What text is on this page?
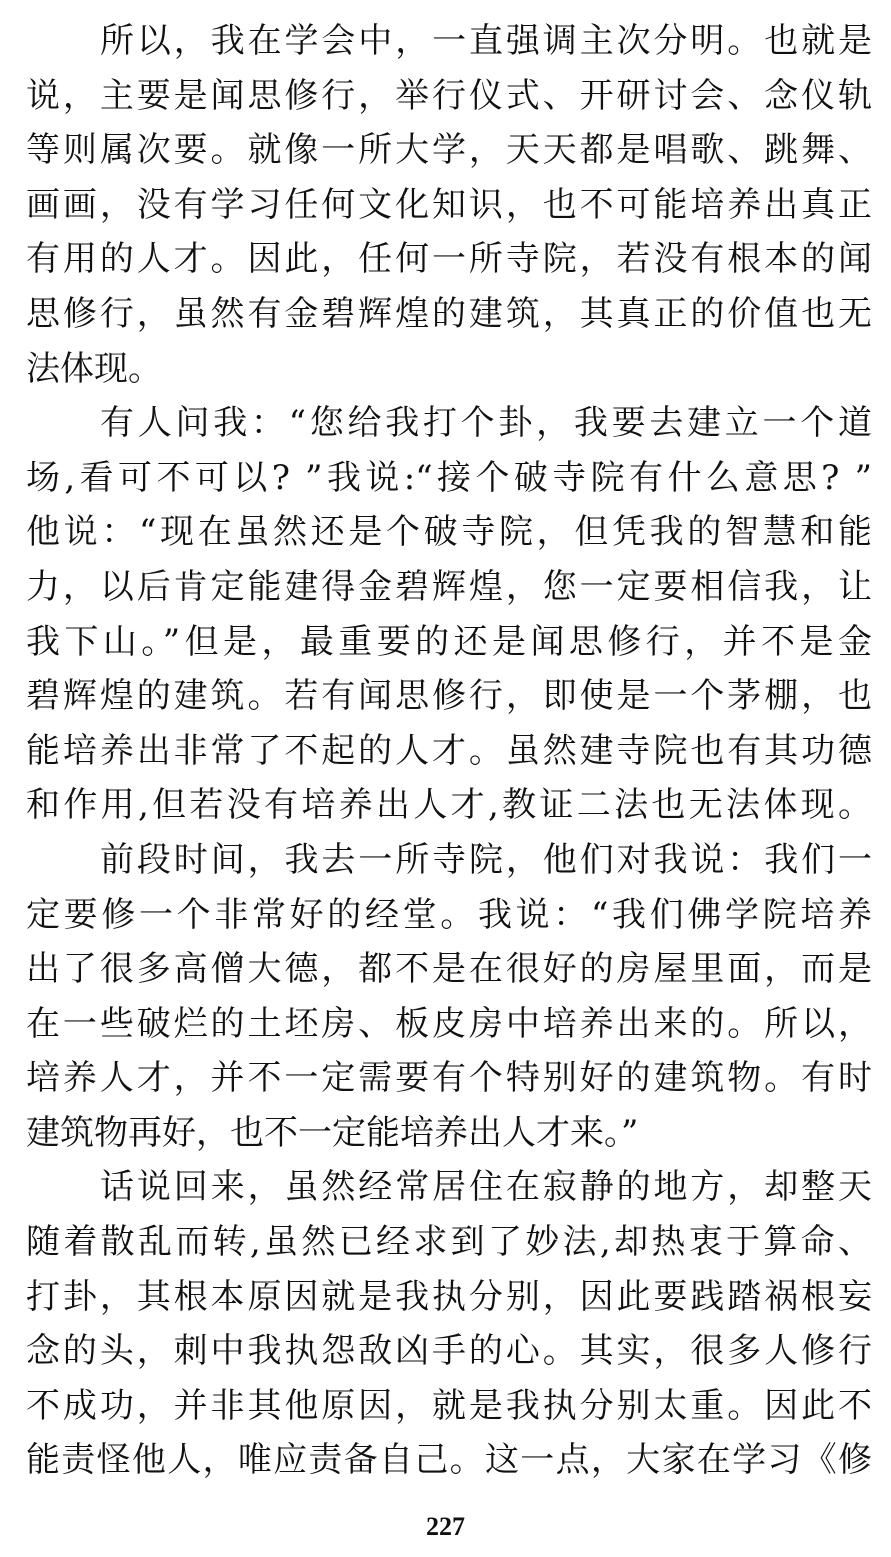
所以，我在学会中，一直强调主次分明。也就是
说，主要是闻思修行，举行仪式、开研讨会、念仪轨
等则属次要。就像一所大学，天天都是唱歌、跳舞、
画画，没有学习任何文化知识，也不可能培养出真正
有用的人才。因此，任何一所寺院，若没有根本的闻
思修行，虽然有金碧辉煌的建筑，其真正的价值也无
法体现。
有人问我：“您给我打个卦，我要去建立一个道
场,看可不可以? ”我说:“接个破寺院有什么意思? ”
他说：“现在虽然还是个破寺院，但凭我的智慧和能
力，以后肯定能建得金碧辉煌，您一定要相信我，让
我下山。”但是，最重要的还是闻思修行，并不是金
碧辉煌的建筑。若有闻思修行，即使是一个茅棚，也
能培养出非常了不起的人才。虽然建寺院也有其功德
和作用,但若没有培养出人才,教证二法也无法体现。
前段时间，我去一所寺院，他们对我说：我们一
定要修一个非常好的经堂。我说：“我们佛学院培养
出了很多高僧大德，都不是在很好的房屋里面，而是
在一些破烂的土坯房、板皮房中培养出来的。所以，
培养人才，并不一定需要有个特别好的建筑物。有时
建筑物再好，也不一定能培养出人才来。”
话说回来，虽然经常居住在寂静的地方，却整天
随着散乱而转,虽然已经求到了妙法,却热衷于算命、
打卦，其根本原因就是我执分别，因此要践踏祸根妄
念的头，刺中我执怨敌凶手的心。其实，很多人修行
不成功，并非其他原因，就是我执分别太重。因此不
能责怪他人，唯应责备自己。这一点，大家在学习《修
227
